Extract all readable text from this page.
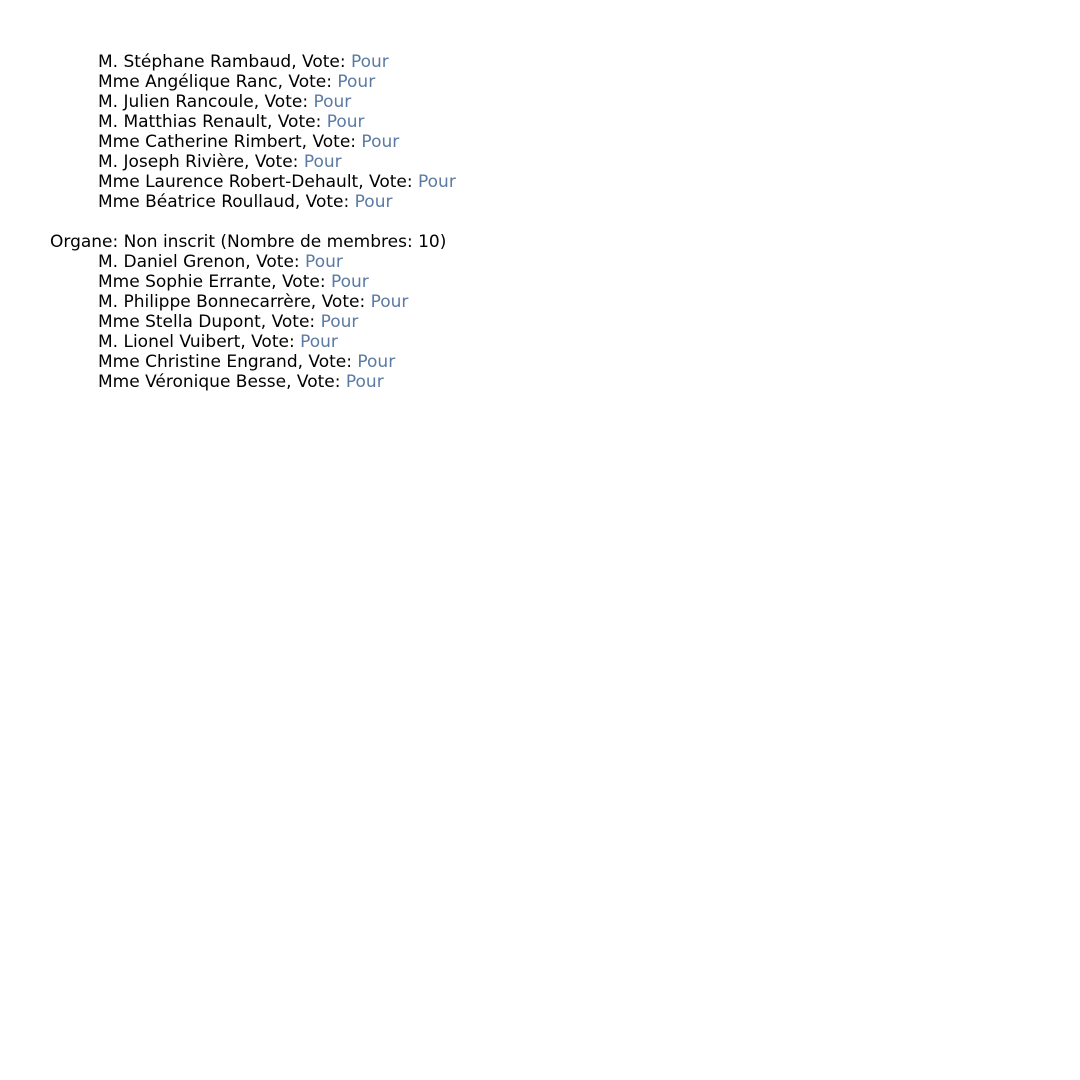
M. Stéphane Rambaud, Vote: Pour
Mme Angélique Ranc, Vote: Pour
M. Julien Rancoule, Vote: Pour
M. Matthias Renault, Vote: Pour
Mme Catherine Rimbert, Vote: Pour
M. Joseph Rivière, Vote: Pour
Mme Laurence Robert-Dehault, Vote: Pour
Mme Béatrice Roullaud, Vote: Pour
Organe: Non inscrit (Nombre de membres: 10)
M. Daniel Grenon, Vote: Pour
Mme Sophie Errante, Vote: Pour
M. Philippe Bonnecarrère, Vote: Pour
Mme Stella Dupont, Vote: Pour
M. Lionel Vuibert, Vote: Pour
Mme Christine Engrand, Vote: Pour
Mme Véronique Besse, Vote: Pour
